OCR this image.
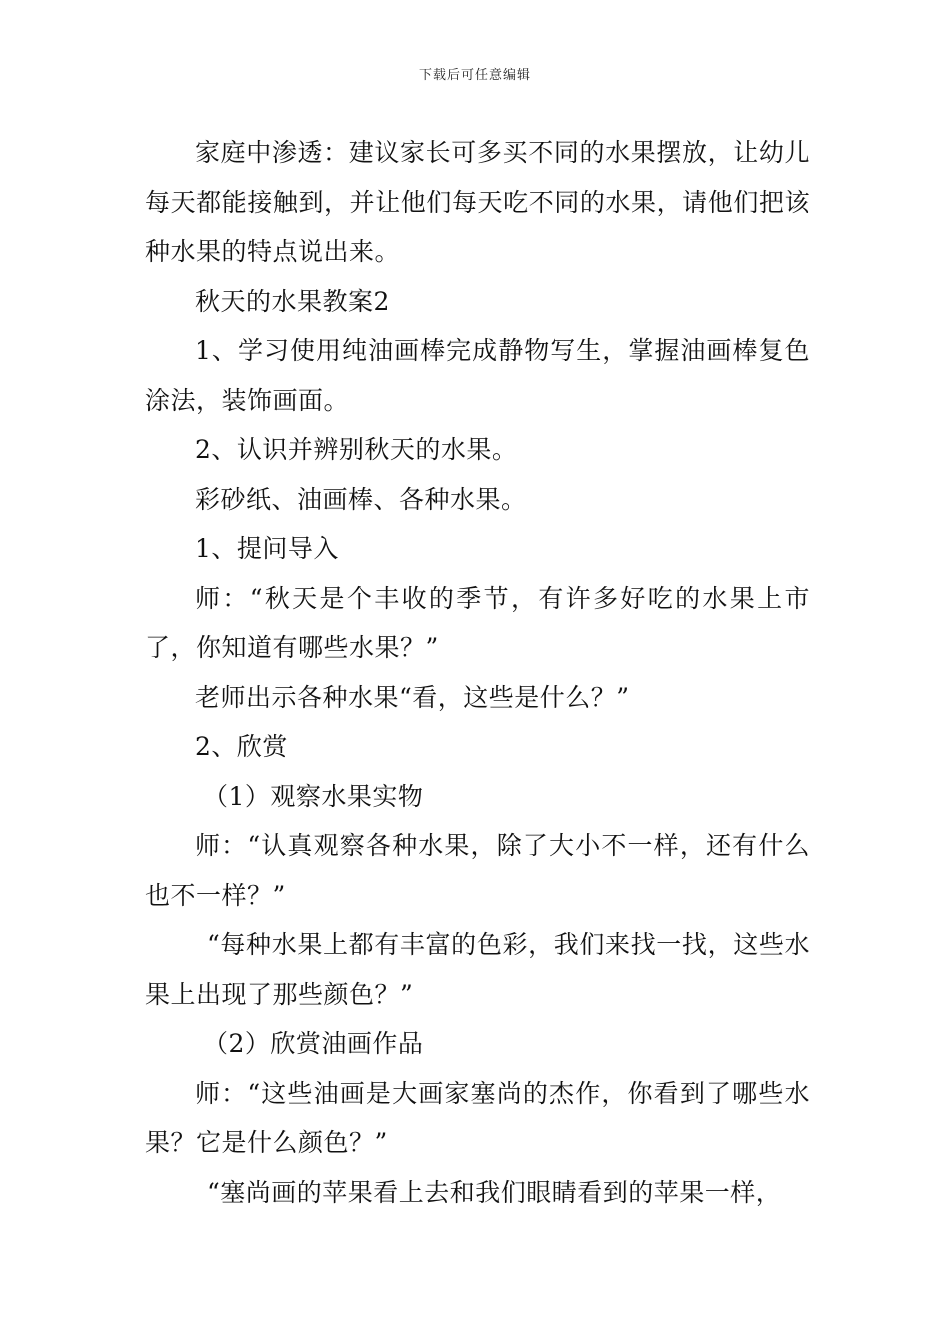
下载后可任意编辑

家庭中渗透：建议家长可多买不同的水果摆放，让幼儿每天都能接触到，并让他们每天吃不同的水果，请他们把该种水果的特点说出来。

秋天的水果教案2

1、学习使用纯油画棒完成静物写生，掌握油画棒复色涂法，装饰画面。

2、认识并辨别秋天的水果。

彩砂纸、油画棒、各种水果。

1、提问导入

师：“秋天是个丰收的季节，有许多好吃的水果上市了，你知道有哪些水果？”

老师出示各种水果“看，这些是什么？”

2、欣赏

（1）观察水果实物

师：“认真观察各种水果，除了大小不一样，还有什么也不一样？”

“每种水果上都有丰富的色彩，我们来找一找，这些水果上出现了那些颜色？”

（2）欣赏油画作品

师：“这些油画是大画家塞尚的杰作，你看到了哪些水果？它是什么颜色？”

“塞尚画的苹果看上去和我们眼睛看到的苹果一样，
